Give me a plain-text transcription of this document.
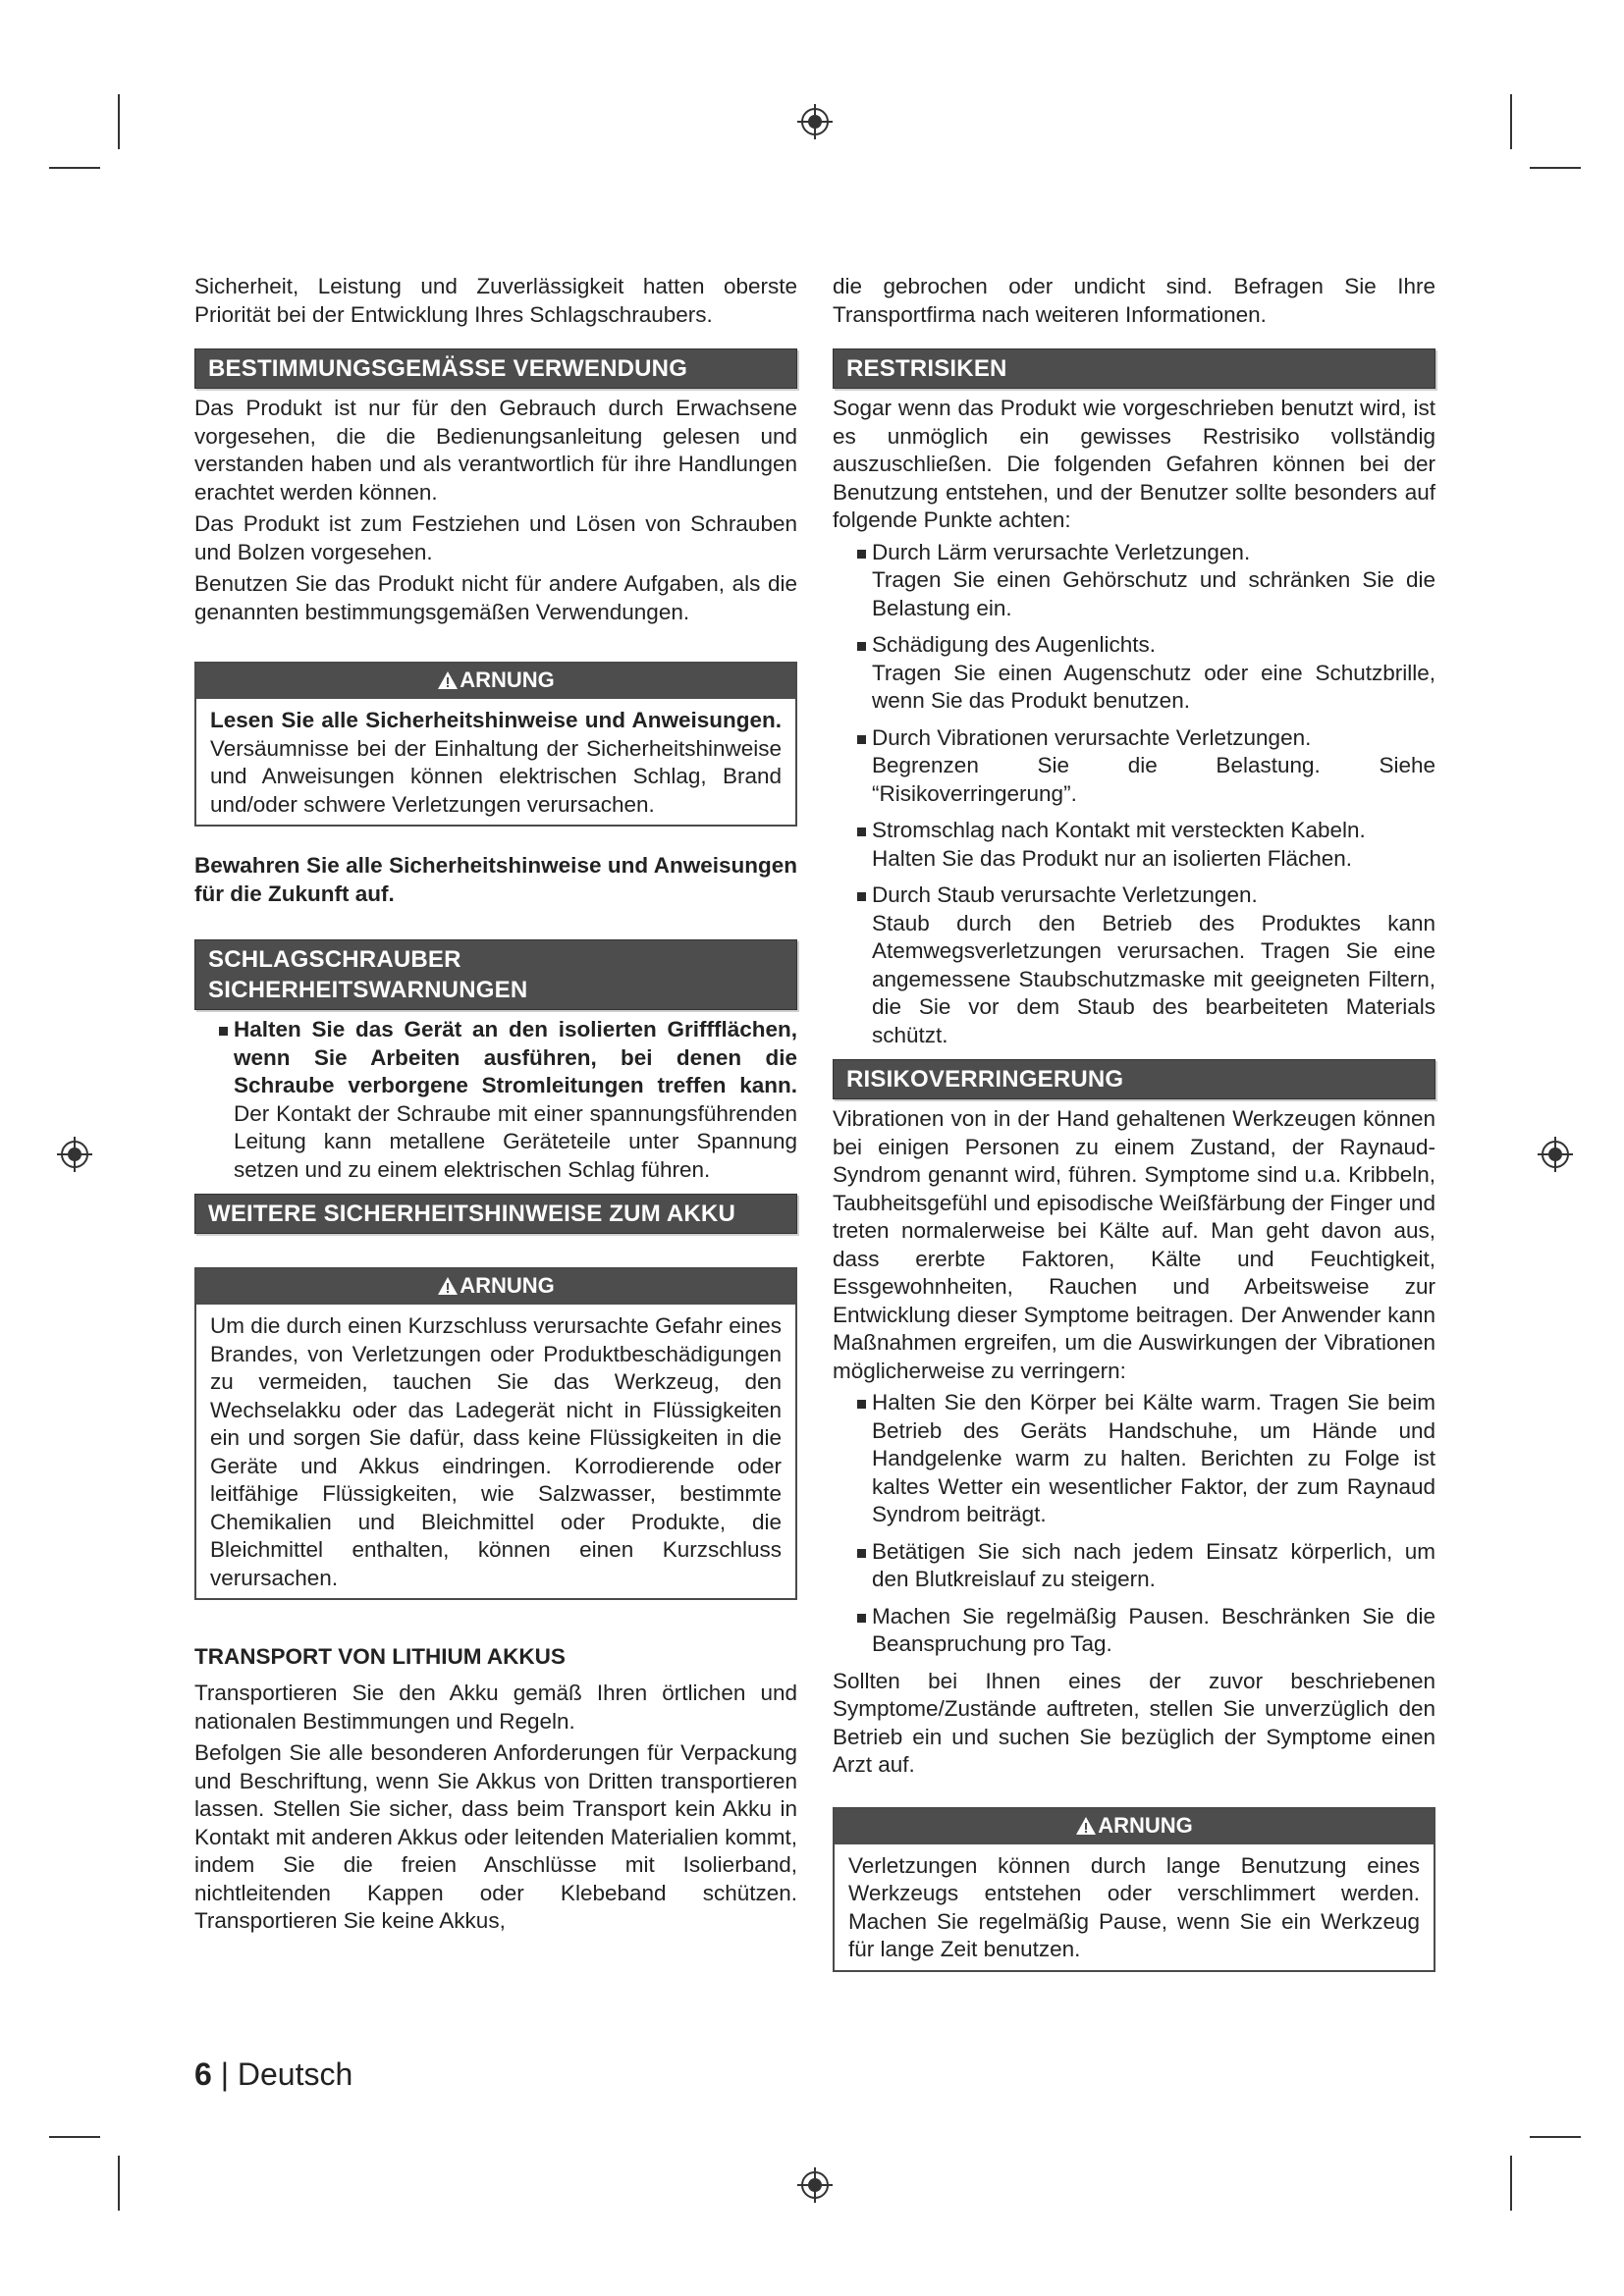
Sicherheit, Leistung und Zuverlässigkeit hatten oberste Priorität bei der Entwicklung Ihres Schlagschraubers.

BESTIMMUNGSGEMÄSSE VERWENDUNG

Das Produkt ist nur für den Gebrauch durch Erwachsene vorgesehen, die die Bedienungsanleitung gelesen und verstanden haben und als verantwortlich für ihre Handlungen erachtet werden können.

Das Produkt ist zum Festziehen und Lösen von Schrauben und Bolzen vorgesehen.

Benutzen Sie das Produkt nicht für andere Aufgaben, als die genannten bestimmungsgemäßen Verwendungen.

ARNUNG

Lesen Sie alle Sicherheitshinweise und Anweisungen. Versäumnisse bei der Einhaltung der Sicherheitshinweise und Anweisungen können elektrischen Schlag, Brand und/oder schwere Verletzungen verursachen.

Bewahren Sie alle Sicherheitshinweise und Anweisungen für die Zukunft auf.

SCHLAGSCHRAUBER
SICHERHEITSWARNUNGEN
Halten Sie das Gerät an den isolierten Griffflächen, wenn Sie Arbeiten ausführen, bei denen die Schraube verborgene Stromleitungen treffen kann. Der Kontakt der Schraube mit einer spannungsführenden Leitung kann metallene Geräteteile unter Spannung setzen und zu einem elektrischen Schlag führen.
WEITERE SICHERHEITSHINWEISE ZUM AKKU
ARNUNG

Um die durch einen Kurzschluss verursachte Gefahr eines Brandes, von Verletzungen oder Produktbeschädigungen zu vermeiden, tauchen Sie das Werkzeug, den Wechselakku oder das Ladegerät nicht in Flüssigkeiten ein und sorgen Sie dafür, dass keine Flüssigkeiten in die Geräte und Akkus eindringen. Korrodierende oder leitfähige Flüssigkeiten, wie Salzwasser, bestimmte Chemikalien und Bleichmittel oder Produkte, die Bleichmittel enthalten, können einen Kurzschluss verursachen.

TRANSPORT VON LITHIUM AKKUS

Transportieren Sie den Akku gemäß Ihren örtlichen und nationalen Bestimmungen und Regeln.

Befolgen Sie alle besonderen Anforderungen für Verpackung und Beschriftung, wenn Sie Akkus von Dritten transportieren lassen. Stellen Sie sicher, dass beim Transport kein Akku in Kontakt mit anderen Akkus oder leitenden Materialien kommt, indem Sie die freien Anschlüsse mit Isolierband, nichtleitenden Kappen oder Klebeband schützen. Transportieren Sie keine Akkus,

die gebrochen oder undicht sind. Befragen Sie Ihre Transportfirma nach weiteren Informationen.

RESTRISIKEN

Sogar wenn das Produkt wie vorgeschrieben benutzt wird, ist es unmöglich ein gewisses Restrisiko vollständig auszuschließen. Die folgenden Gefahren können bei der Benutzung entstehen, und der Benutzer sollte besonders auf folgende Punkte achten:

Durch Lärm verursachte Verletzungen.
Tragen Sie einen Gehörschutz und schränken Sie die Belastung ein.
Schädigung des Augenlichts.
Tragen Sie einen Augenschutz oder eine Schutzbrille, wenn Sie das Produkt benutzen.
Durch Vibrationen verursachte Verletzungen.
Begrenzen Sie die Belastung. Siehe “Risikoverringerung”.
Stromschlag nach Kontakt mit versteckten Kabeln.
Halten Sie das Produkt nur an isolierten Flächen.
Durch Staub verursachte Verletzungen.
Staub durch den Betrieb des Produktes kann Atemwegsverletzungen verursachen. Tragen Sie eine angemessene Staubschutzmaske mit geeigneten Filtern, die Sie vor dem Staub des bearbeiteten Materials schützt.
RISIKOVERRINGERUNG

Vibrationen von in der Hand gehaltenen Werkzeugen können bei einigen Personen zu einem Zustand, der Raynaud-Syndrom genannt wird, führen. Symptome sind u.a. Kribbeln, Taubheitsgefühl und episodische Weißfärbung der Finger und treten normalerweise bei Kälte auf. Man geht davon aus, dass ererbte Faktoren, Kälte und Feuchtigkeit, Essgewohnheiten, Rauchen und Arbeitsweise zur Entwicklung dieser Symptome beitragen. Der Anwender kann Maßnahmen ergreifen, um die Auswirkungen der Vibrationen möglicherweise zu verringern:

Halten Sie den Körper bei Kälte warm. Tragen Sie beim Betrieb des Geräts Handschuhe, um Hände und Handgelenke warm zu halten. Berichten zu Folge ist kaltes Wetter ein wesentlicher Faktor, der zum Raynaud Syndrom beiträgt.
Betätigen Sie sich nach jedem Einsatz körperlich, um den Blutkreislauf zu steigern.
Machen Sie regelmäßig Pausen. Beschränken Sie die Beanspruchung pro Tag.

Sollten bei Ihnen eines der zuvor beschriebenen Symptome/Zustände auftreten, stellen Sie unverzüglich den Betrieb ein und suchen Sie bezüglich der Symptome einen Arzt auf.

ARNUNG

Verletzungen können durch lange Benutzung eines Werkzeugs entstehen oder verschlimmert werden. Machen Sie regelmäßig Pause, wenn Sie ein Werkzeug für lange Zeit benutzen.

6 | Deutsch
